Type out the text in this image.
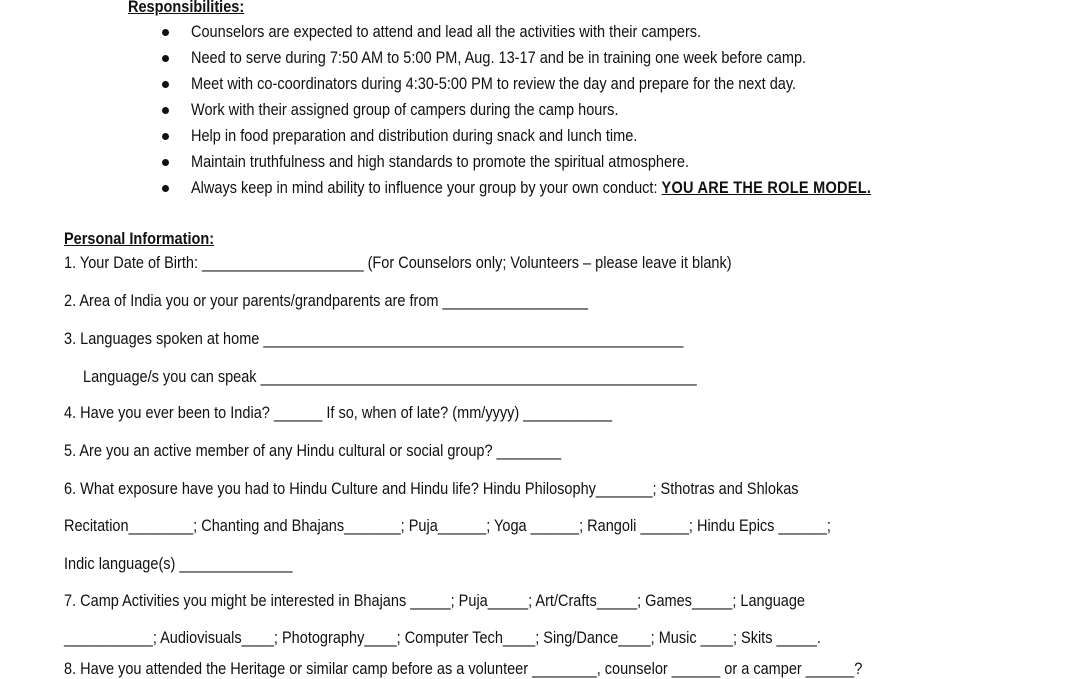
Responsibilities:
Counselors are expected to attend and lead all the activities with their campers.
Need to serve during 7:50 AM to 5:00 PM, Aug. 13-17 and be in training one week before camp.
Meet with co-coordinators during 4:30-5:00 PM to review the day and prepare for the next day.
Work with their assigned group of campers during the camp hours.
Help in food preparation and distribution during snack and lunch time.
Maintain truthfulness and high standards to promote the spiritual atmosphere.
Always keep in mind ability to influence your group by your own conduct: YOU ARE THE ROLE MODEL.
Personal Information:
1. Your Date of Birth: ____________________ (For Counselors only; Volunteers – please leave it blank)
2. Area of India you or your parents/grandparents are from __________________
3. Languages spoken at home ____________________________________________________
Language/s you can speak ______________________________________________________
4. Have you ever been to India? ______ If so, when of late? (mm/yyyy) ___________
5. Are you an active member of any Hindu cultural or social group? ________
6. What exposure have you had to Hindu Culture and Hindu life? Hindu Philosophy_______; Sthotras and Shlokas
Recitation________; Chanting and Bhajans_______; Puja______; Yoga ______; Rangoli ______; Hindu Epics ______;
Indic language(s) ______________
7. Camp Activities you might be interested in Bhajans _____; Puja_____; Art/Crafts_____; Games_____; Language
___________; Audiovisuals____; Photography____; Computer Tech____; Sing/Dance____; Music ____; Skits _____.
8. Have you attended the Heritage or similar camp before as a volunteer ________, counselor ______ or a camper ______?
